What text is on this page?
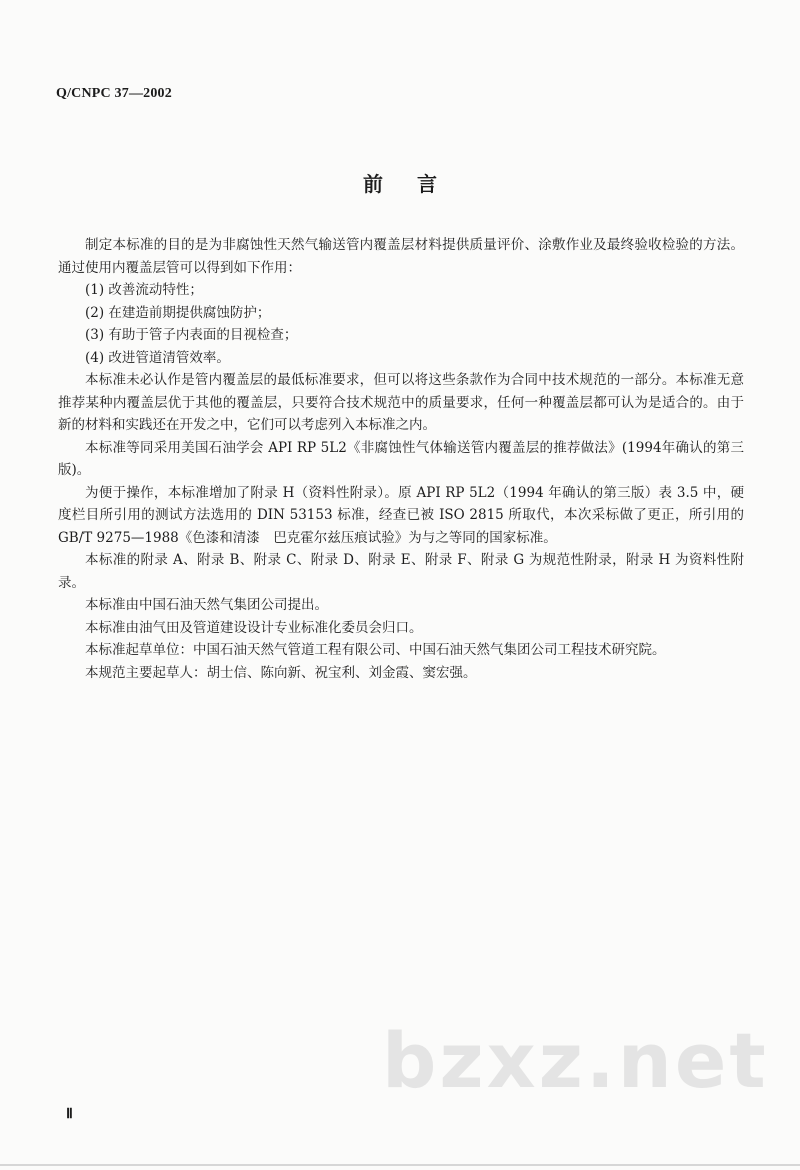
Q/CNPC 37—2002
前言

制定本标准的目的是为非腐蚀性天然气输送管内覆盖层材料提供质量评价、涂敷作业及最终验收检验的方法。通过使用内覆盖层管可以得到如下作用：

(1) 改善流动特性；

(2) 在建造前期提供腐蚀防护；

(3) 有助于管子内表面的目视检查；

(4) 改进管道清管效率。

本标准未必认作是管内覆盖层的最低标准要求，但可以将这些条款作为合同中技术规范的一部分。本标准无意推荐某种内覆盖层优于其他的覆盖层，只要符合技术规范中的质量要求，任何一种覆盖层都可认为是适合的。由于新的材料和实践还在开发之中，它们可以考虑列入本标准之内。

本标准等同采用美国石油学会 API RP 5L2《非腐蚀性气体输送管内覆盖层的推荐做法》(1994年确认的第三版)。

为便于操作，本标准增加了附录 H（资料性附录）。原 API RP 5L2（1994 年确认的第三版）表 3.5 中，硬度栏目所引用的测试方法选用的 DIN 53153 标准，经查已被 ISO 2815 所取代，本次采标做了更正，所引用的 GB/T 9275—1988《色漆和清漆　巴克霍尔兹压痕试验》为与之等同的国家标准。

本标准的附录 A、附录 B、附录 C、附录 D、附录 E、附录 F、附录 G 为规范性附录，附录 H 为资料性附录。

本标准由中国石油天然气集团公司提出。

本标准由油气田及管道建设设计专业标准化委员会归口。

本标准起草单位：中国石油天然气管道工程有限公司、中国石油天然气集团公司工程技术研究院。

本规范主要起草人：胡士信、陈向新、祝宝利、刘金霞、窦宏强。

bzxz.net
Ⅱ
